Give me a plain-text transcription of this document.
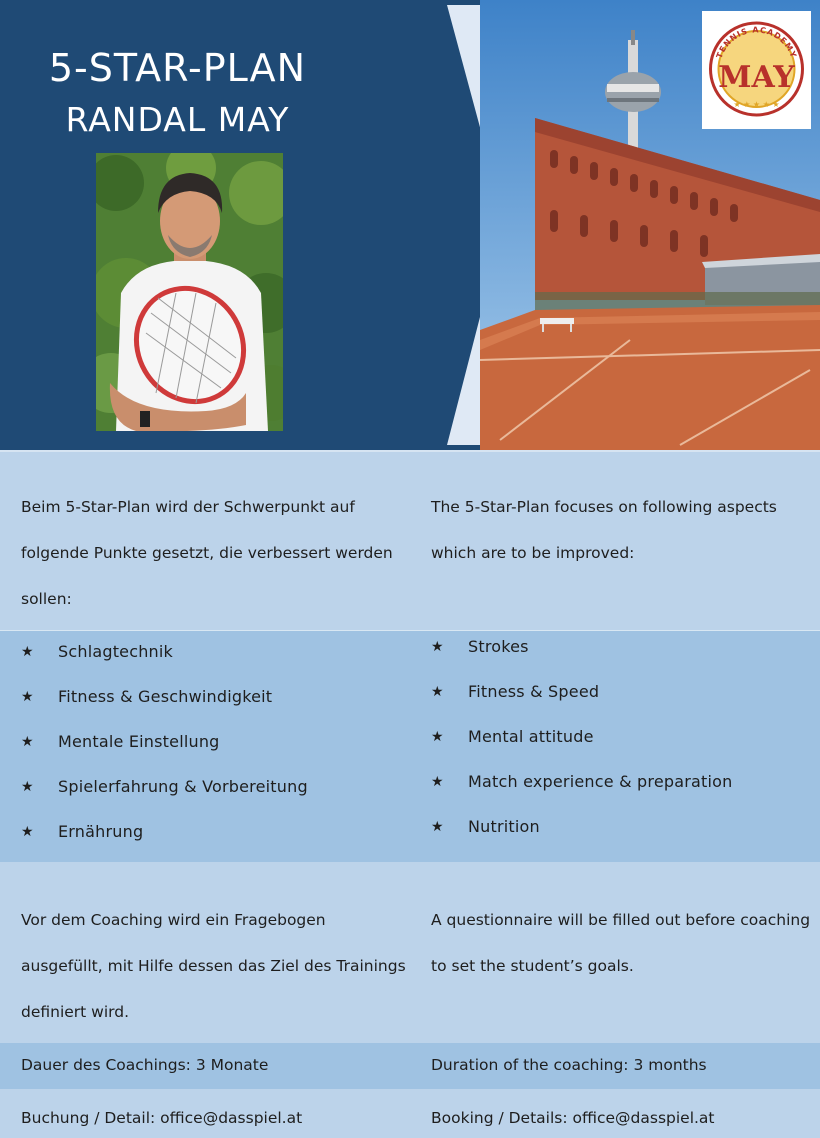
5-STAR-PLAN
RANDAL MAY
TENNIS ACADEMY
MAY
★ ★ ★ ★ ★

Beim 5-Star-Plan wird der Schwerpunkt auf folgende Punkte gesetzt, die verbessert werden sollen:

The 5-Star-Plan focuses on following aspects which are to be improved:

★ Schlagtechnik
★ Fitness & Geschwindigkeit
★ Mentale Einstellung
★ Spielerfahrung & Vorbereitung
★ Ernährung
★ Strokes
★ Fitness & Speed
★ Mental attitude
★ Match experience & preparation
★ Nutrition

Vor dem Coaching wird ein Fragebogen ausgefüllt, mit Hilfe dessen das Ziel des Trainings definiert wird.

A questionnaire will be filled out before coaching to set the student’s goals.

Dauer des Coachings: 3 Monate	Duration of the coaching: 3 months
Buchung / Detail: office@dasspiel.at	Booking / Details: office@dasspiel.at
